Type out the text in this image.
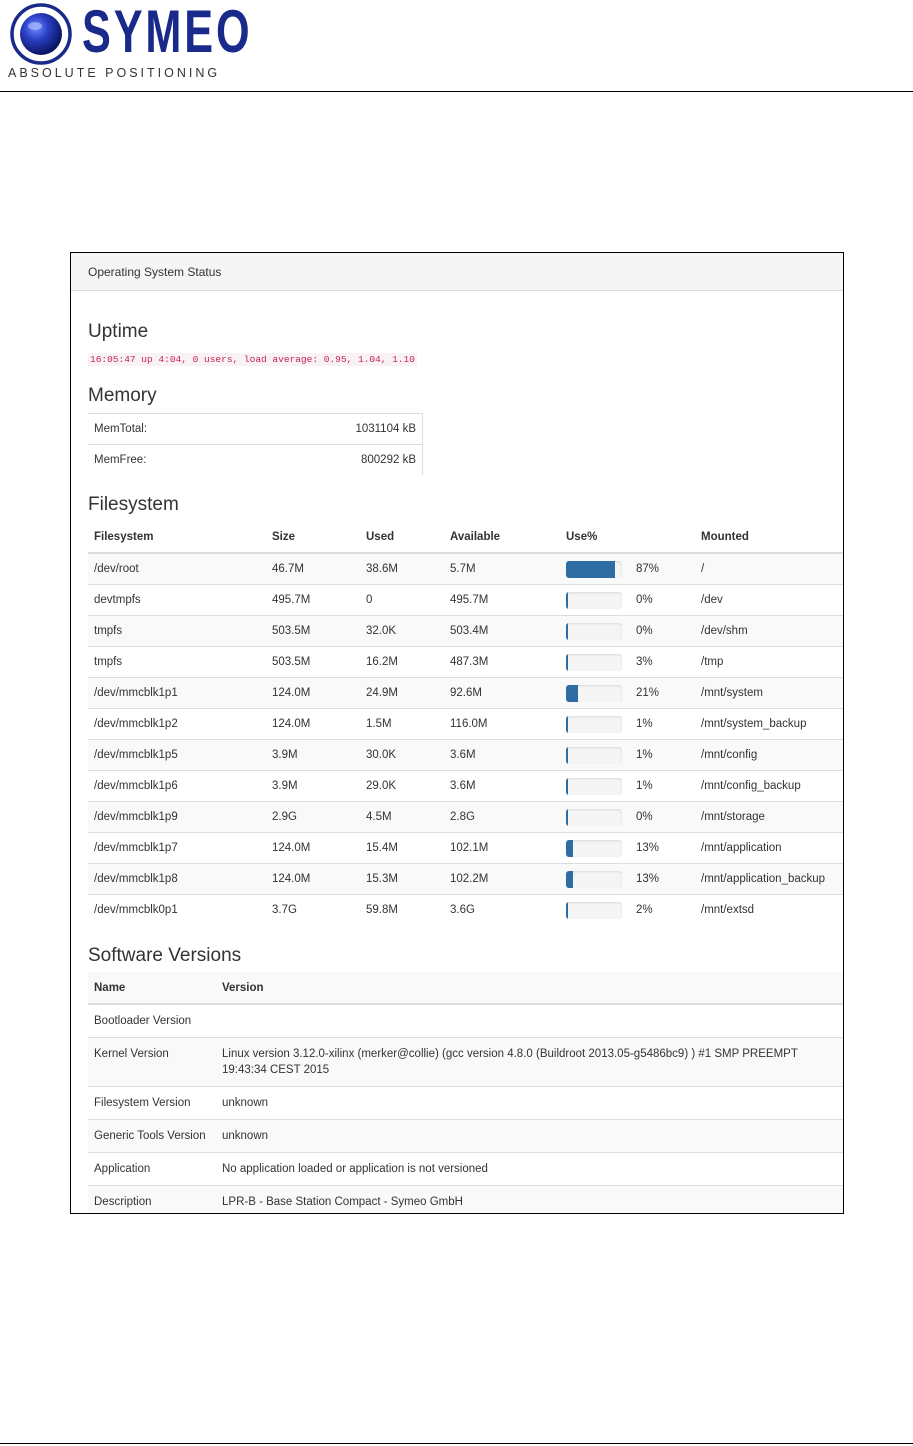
SYMEO
ABSOLUTE POSITIONING
Operating System Status
Uptime
16:05:47 up 4:04, 0 users, load average: 0.95, 1.04, 1.10
Memory
MemTotal:	1031104 kB
MemFree:	800292 kB
Filesystem
Filesystem	Size	Used	Available	Use%	Mounted
/dev/root	46.7M	38.6M	5.7M	87%	/
devtmpfs	495.7M	0	495.7M	0%	/dev
tmpfs	503.5M	32.0K	503.4M	0%	/dev/shm
tmpfs	503.5M	16.2M	487.3M	3%	/tmp
/dev/mmcblk1p1	124.0M	24.9M	92.6M	21%	/mnt/system
/dev/mmcblk1p2	124.0M	1.5M	116.0M	1%	/mnt/system_backup
/dev/mmcblk1p5	3.9M	30.0K	3.6M	1%	/mnt/config
/dev/mmcblk1p6	3.9M	29.0K	3.6M	1%	/mnt/config_backup
/dev/mmcblk1p9	2.9G	4.5M	2.8G	0%	/mnt/storage
/dev/mmcblk1p7	124.0M	15.4M	102.1M	13%	/mnt/application
/dev/mmcblk1p8	124.0M	15.3M	102.2M	13%	/mnt/application_backup
/dev/mmcblk0p1	3.7G	59.8M	3.6G	2%	/mnt/extsd
Software Versions
Name	Version
Bootloader Version	
Kernel Version	Linux version 3.12.0-xilinx (merker@collie) (gcc version 4.8.0 (Buildroot 2013.05-g5486bc9) ) #1 SMP PREEMPT 19:43:34 CEST 2015
Filesystem Version	unknown
Generic Tools Version	unknown
Application	No application loaded or application is not versioned
Description	LPR-B - Base Station Compact - Symeo GmbH
